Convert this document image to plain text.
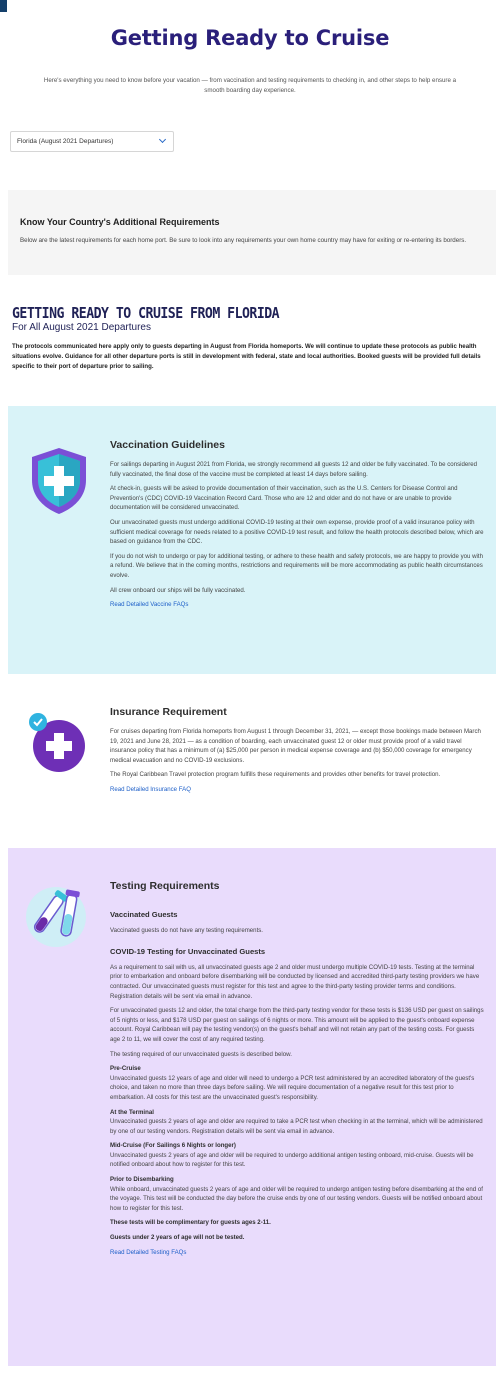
Getting Ready to Cruise

Here's everything you need to know before your vacation — from vaccination and testing requirements to checking in, and other steps to help ensure a smooth boarding day experience.

Florida (August 2021 Departures)
Know Your Country's Additional Requirements
Below are the latest requirements for each home port. Be sure to look into any requirements your own home country may have for exiting or re-entering its borders.
GETTING READY TO CRUISE FROM FLORIDA
For All August 2021 Departures

The protocols communicated here apply only to guests departing in August from Florida homeports. We will continue to update these protocols as public health situations evolve. Guidance for all other departure ports is still in development with federal, state and local authorities. Booked guests will be provided full details specific to their port of departure prior to sailing.

Vaccination Guidelines

For sailings departing in August 2021 from Florida, we strongly recommend all guests 12 and older be fully vaccinated. To be considered fully vaccinated, the final dose of the vaccine must be completed at least 14 days before sailing.

At check-in, guests will be asked to provide documentation of their vaccination, such as the U.S. Centers for Disease Control and Prevention's (CDC) COVID-19 Vaccination Record Card. Those who are 12 and older and do not have or are unable to provide documentation will be considered unvaccinated.

Our unvaccinated guests must undergo additional COVID-19 testing at their own expense, provide proof of a valid insurance policy with sufficient medical coverage for needs related to a positive COVID-19 test result, and follow the health protocols described below, which are based on guidance from the CDC.

If you do not wish to undergo or pay for additional testing, or adhere to these health and safety protocols, we are happy to provide you with a refund. We believe that in the coming months, restrictions and requirements will be more accommodating as public health circumstances evolve.

All crew onboard our ships will be fully vaccinated.

Read Detailed Vaccine FAQs

Insurance Requirement

For cruises departing from Florida homeports from August 1 through December 31, 2021, — except those bookings made between March 19, 2021 and June 28, 2021 — as a condition of boarding, each unvaccinated guest 12 or older must provide proof of a valid travel insurance policy that has a minimum of (a) $25,000 per person in medical expense coverage and (b) $50,000 coverage for emergency medical evacuation and no COVID-19 exclusions.

The Royal Caribbean Travel protection program fulfills these requirements and provides other benefits for travel protection.

Read Detailed Insurance FAQ

Testing Requirements
Vaccinated Guests

Vaccinated guests do not have any testing requirements.

COVID-19 Testing for Unvaccinated Guests

As a requirement to sail with us, all unvaccinated guests age 2 and older must undergo multiple COVID-19 tests. Testing at the terminal prior to embarkation and onboard before disembarking will be conducted by licensed and accredited third-party testing providers we have contracted. Our unvaccinated guests must register for this test and agree to the third-party testing provider terms and conditions. Registration details will be sent via email in advance.

For unvaccinated guests 12 and older, the total charge from the third-party testing vendor for these tests is $136 USD per guest on sailings of 5 nights or less, and $178 USD per guest on sailings of 6 nights or more. This amount will be applied to the guest's onboard expense account. Royal Caribbean will pay the testing vendor(s) on the guest's behalf and will not retain any part of the testing costs. For guests age 2 to 11, we will cover the cost of any required testing.

The testing required of our unvaccinated guests is described below.

Pre-Cruise

Unvaccinated guests 12 years of age and older will need to undergo a PCR test administered by an accredited laboratory of the guest's choice, and taken no more than three days before sailing. We will require documentation of a negative result for this test prior to embarkation. All costs for this test are the unvaccinated guest's responsibility.

At the Terminal

Unvaccinated guests 2 years of age and older are required to take a PCR test when checking in at the terminal, which will be administered by one of our testing vendors. Registration details will be sent via email in advance.

Mid-Cruise (For Sailings 6 Nights or longer)

Unvaccinated guests 2 years of age and older will be required to undergo additional antigen testing onboard, mid-cruise. Guests will be notified onboard about how to register for this test.

Prior to Disembarking

While onboard, unvaccinated guests 2 years of age and older will be required to undergo antigen testing before disembarking at the end of the voyage. This test will be conducted the day before the cruise ends by one of our testing vendors. Guests will be notified onboard about how to register for this test.

These tests will be complimentary for guests ages 2-11.

Guests under 2 years of age will not be tested.

Read Detailed Testing FAQs
